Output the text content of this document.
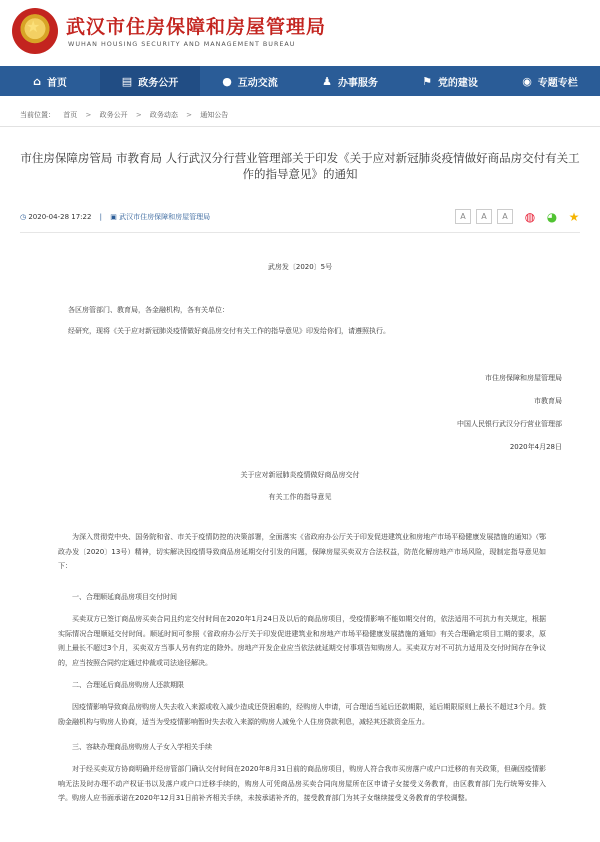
★
武汉市住房保障和房屋管理局
WUHAN HOUSING SECURITY AND MANAGEMENT BUREAU
⌂ 首页	▤ 政务公开	● 互动交流	♟ 办事服务	⚑ 党的建设	◉ 专题专栏
当前位置： 首页 > 政务公开 > 政务动态 > 通知公告
市住房保障房管局 市教育局 人行武汉分行营业管理部关于印发《关于应对新冠肺炎疫情做好商品房交付有关工
作的指导意见》的通知
◷ 2020-04-28 17:22 | ▣ 武汉市住房保障和房屋管理局	A	A	A	◍ ◕ ★
武房发〔2020〕5号
各区房管部门、教育局，各金融机构，各有关单位：
经研究，现将《关于应对新冠肺炎疫情做好商品房交付有关工作的指导意见》印发给你们，请遵照执行。
市住房保障和房屋管理局
市教育局
中国人民银行武汉分行营业管理部
2020年4月28日
关于应对新冠肺炎疫情做好商品房交付
有关工作的指导意见
为深入贯彻党中央、国务院和省、市关于疫情防控的决策部署，全面落实《省政府办公厅关于印发促进建筑业和房地产市场平稳健康发展措施的通知》（鄂政办发〔2020〕13号）精神，切实解决因疫情导致商品房延期交付引发的问题，保障房屋买卖双方合法权益，防范化解房地产市场风险，现制定指导意见如下：
一、合理顺延商品房项目交付时间
买卖双方已签订商品房买卖合同且约定交付时间在2020年1月24日及以后的商品房项目，受疫情影响不能如期交付的，依法适用不可抗力有关规定，根据实际情况合理顺延交付时间。顺延时间可参照《省政府办公厅关于印发促进建筑业和房地产市场平稳健康发展措施的通知》有关合理确定项目工期的要求，原则上最长不超过3个月，买卖双方当事人另有约定的除外。房地产开发企业应当依法就延期交付事项告知购房人。买卖双方对不可抗力适用及交付时间存在争议的，应当按照合同约定通过仲裁或司法途径解决。
二、合理延后商品房购房人还款期限
因疫情影响导致商品房购房人失去收入来源或收入减少造成还贷困难的，经购房人申请，可合理适当延后还款期限，延后期限原则上最长不超过3个月。鼓励金融机构与购房人协商，适当为受疫情影响暂时失去收入来源的购房人减免个人住房贷款利息，减轻其还款资金压力。
三、容缺办理商品房购房人子女入学相关手续
对于经买卖双方协商明确并经房管部门确认交付时间在2020年8月31日前的商品房项目，购房人符合我市买房落户或户口迁移的有关政策，但确因疫情影响无法及时办理不动产权证书以及落户或户口迁移手续的，购房人可凭商品房买卖合同向房屋所在区申请子女接受义务教育，由区教育部门先行统筹安排入学。购房人应书面承诺在2020年12月31日前补齐相关手续，未按承诺补齐的，接受教育部门为其子女继续接受义务教育的学校调整。
